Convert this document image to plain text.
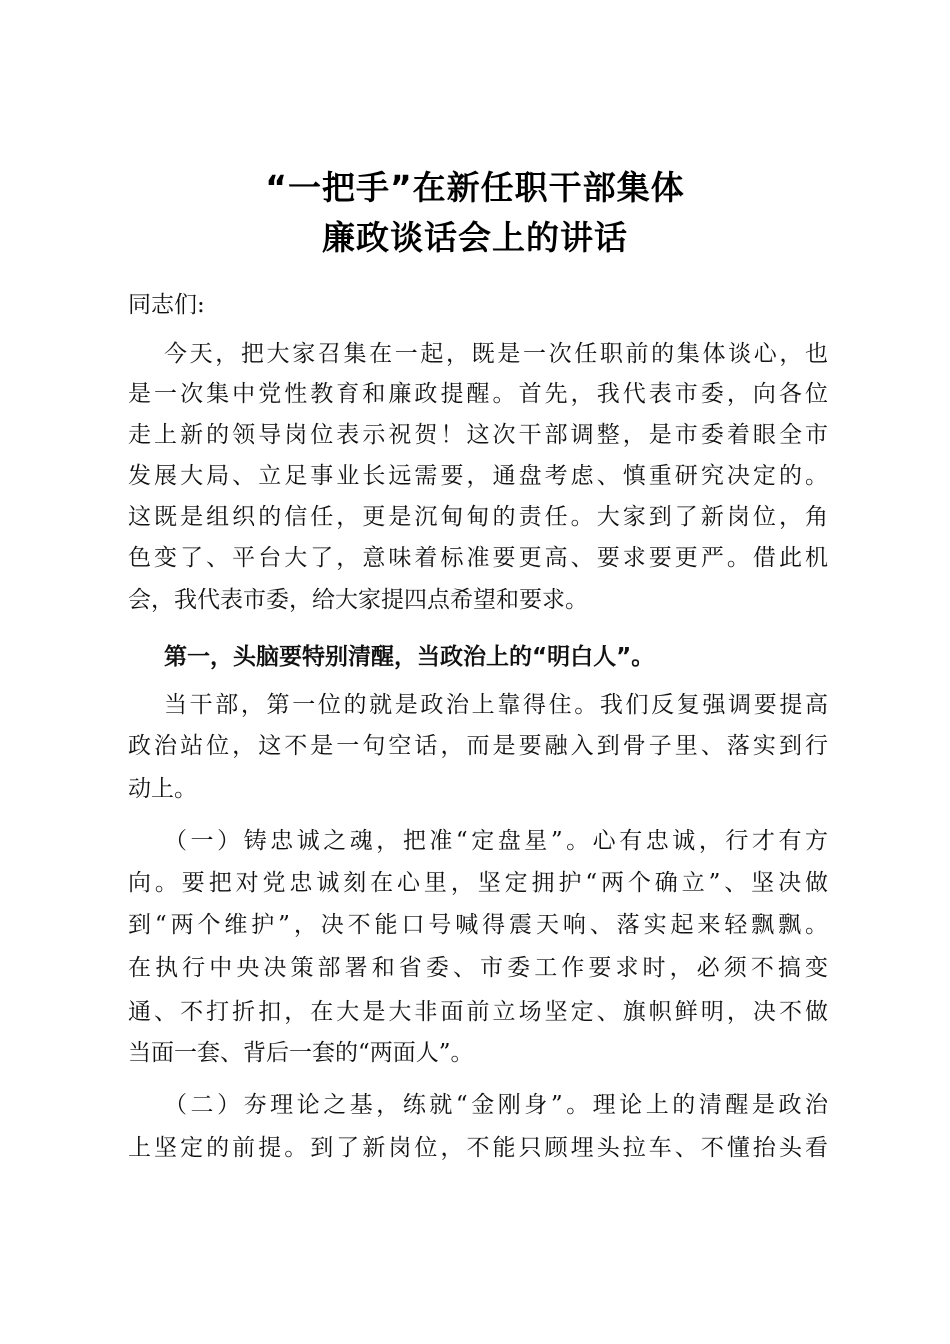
“一把手”在新任职干部集体
廉政谈话会上的讲话
同志们:
今天，把大家召集在一起，既是一次任职前的集体谈心，也
是一次集中党性教育和廉政提醒。首先，我代表市委，向各位
走上新的领导岗位表示祝贺！这次干部调整，是市委着眼全市
发展大局、立足事业长远需要，通盘考虑、慎重研究决定的。
这既是组织的信任，更是沉甸甸的责任。大家到了新岗位，角
色变了、平台大了，意味着标准要更高、要求要更严。借此机
会，我代表市委，给大家提四点希望和要求。
第一，头脑要特别清醒，当政治上的“明白人”。
当干部，第一位的就是政治上靠得住。我们反复强调要提高
政治站位，这不是一句空话，而是要融入到骨子里、落实到行
动上。
（一）铸忠诚之魂，把准“定盘星”。心有忠诚，行才有方
向。要把对党忠诚刻在心里，坚定拥护“两个确立”、坚决做
到“两个维护”，决不能口号喊得震天响、落实起来轻飘飘。
在执行中央决策部署和省委、市委工作要求时，必须不搞变
通、不打折扣，在大是大非面前立场坚定、旗帜鲜明，决不做
当面一套、背后一套的“两面人”。
（二）夯理论之基，练就“金刚身”。理论上的清醒是政治
上坚定的前提。到了新岗位，不能只顾埋头拉车、不懂抬头看
